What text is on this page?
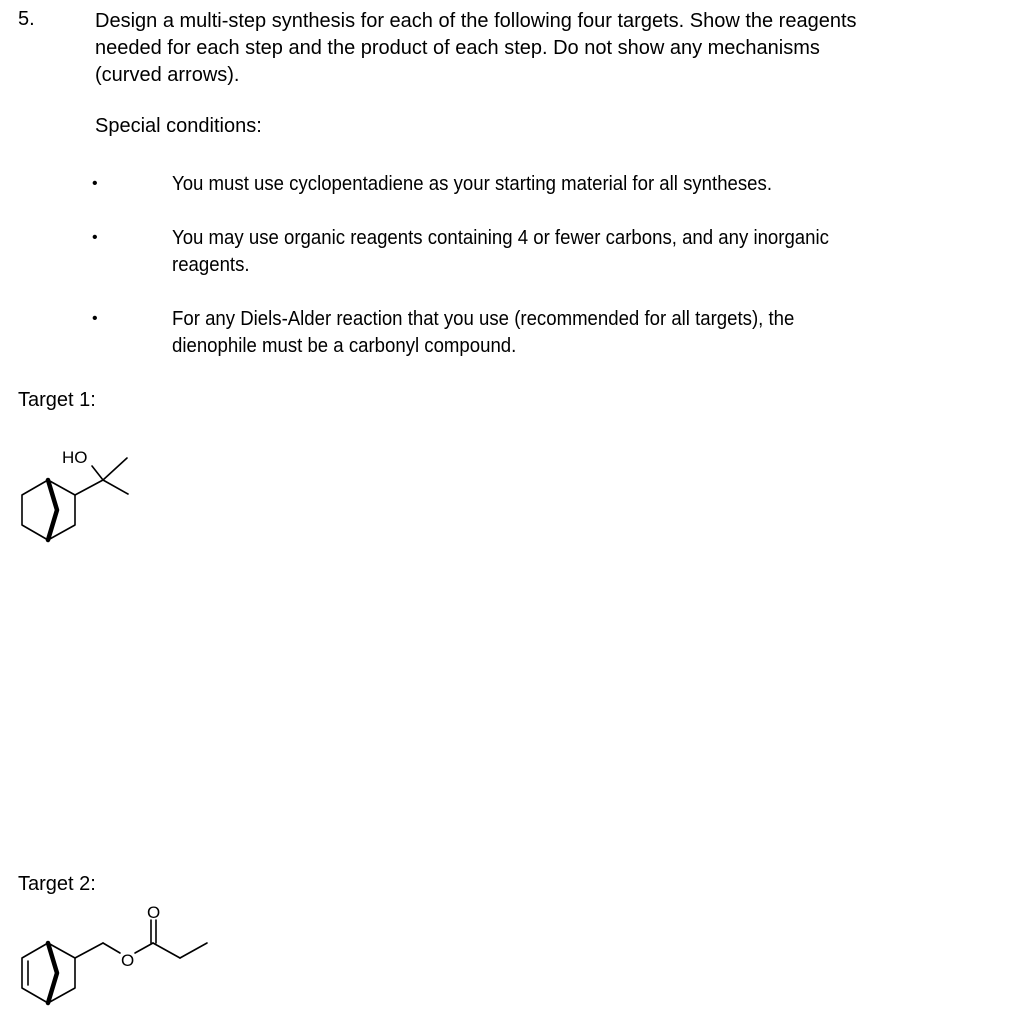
5.	Design a multi-step synthesis for each of the following four targets. Show the reagents

needed for each step and the product of each step. Do not show any mechanisms

(curved arrows).

Special conditions:
•	You must use cyclopentadiene as your starting material for all syntheses.
•	You may use organic reagents containing 4 or fewer carbons, and any inorganic
reagents.
•	For any Diels-Alder reaction that you use (recommended for all targets), the
dienophile must be a carbonyl compound.
Target 1:
HO
Target 2:
O
O
